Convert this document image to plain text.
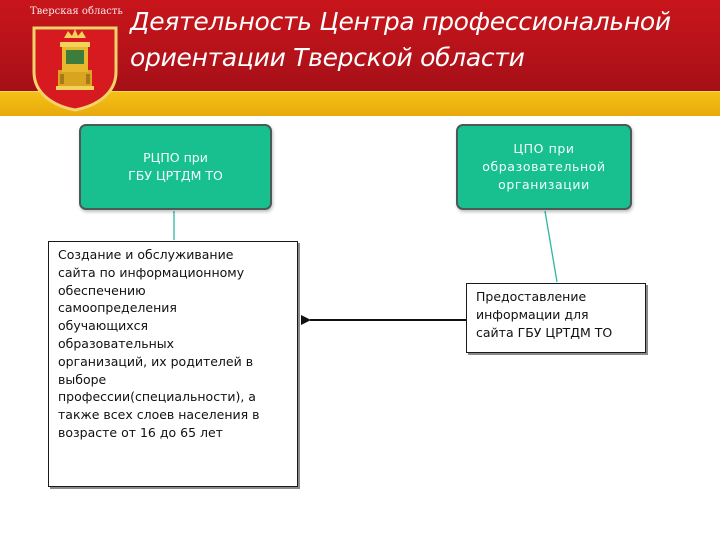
Тверская область Деятельность Центра профессиональной
ориентации Тверской области
РЦПО при
ГБУ ЦРТДМ ТО
ЦПО при
образовательной
организации
Создание и обслуживание
сайта по информационному
обеспечению
самоопределения
обучающихся
образовательных
организаций, их родителей в
выборе
профессии(специальности), а
также всех слоев населения в
возрасте от 16 до 65 лет
Предоставление
информации для
сайта ГБУ ЦРТДМ ТО
